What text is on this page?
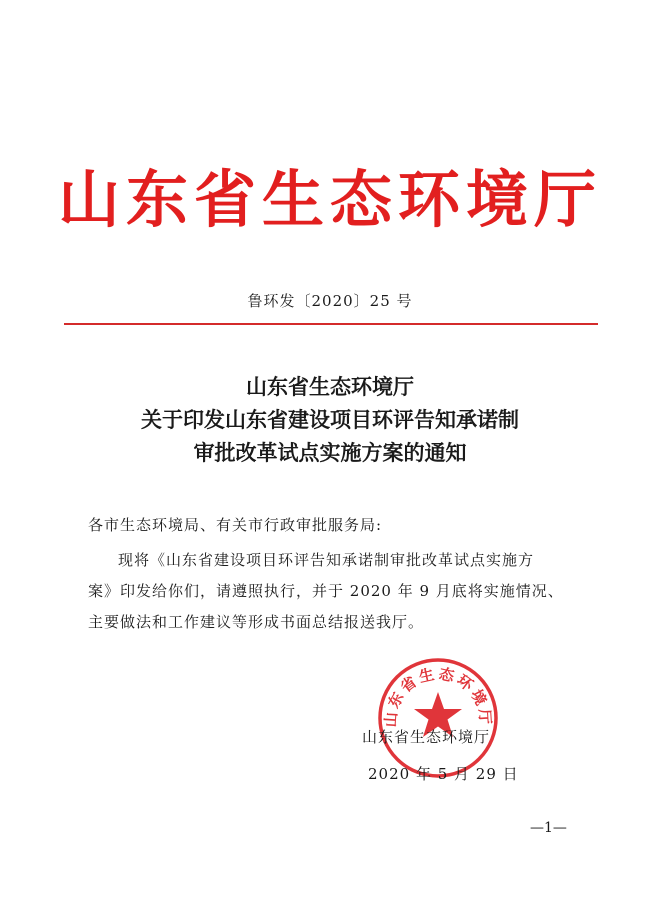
山东省生态环境厅
鲁环发〔2020〕25 号
山东省生态环境厅
关于印发山东省建设项目环评告知承诺制
审批改革试点实施方案的通知
各市生态环境局、有关市行政审批服务局:
现将《山东省建设项目环评告知承诺制审批改革试点实施方
案》印发给你们，请遵照执行，并于 2020 年 9 月底将实施情况、
主要做法和工作建议等形成书面总结报送我厅。
山东省生态环境厅
山东省生态环境厅
2020 年 5 月 29 日
—1—
